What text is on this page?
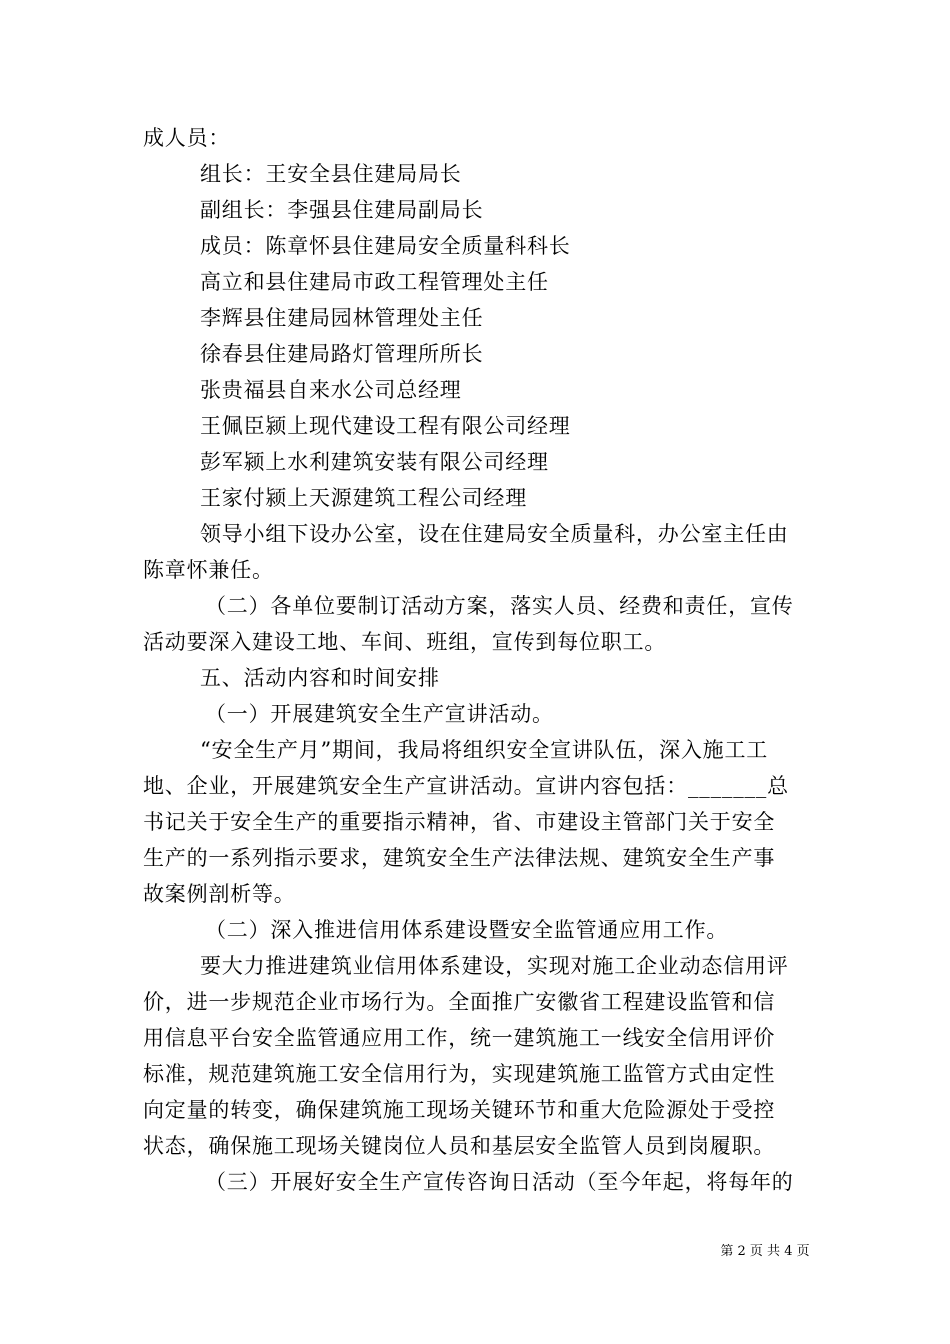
成人员：
组长：王安全县住建局局长
副组长：李强县住建局副局长
成员：陈章怀县住建局安全质量科科长
高立和县住建局市政工程管理处主任
李辉县住建局园林管理处主任
徐春县住建局路灯管理所所长
张贵福县自来水公司总经理
王佩臣颍上现代建设工程有限公司经理
彭军颍上水利建筑安装有限公司经理
王家付颍上天源建筑工程公司经理
领导小组下设办公室，设在住建局安全质量科，办公室主任由
陈章怀兼任。
（二）各单位要制订活动方案，落实人员、经费和责任，宣传
活动要深入建设工地、车间、班组，宣传到每位职工。
五、活动内容和时间安排
（一）开展建筑安全生产宣讲活动。
“安全生产月”期间，我局将组织安全宣讲队伍，深入施工工
地、企业，开展建筑安全生产宣讲活动。宣讲内容包括：_______总
书记关于安全生产的重要指示精神，省、市建设主管部门关于安全
生产的一系列指示要求，建筑安全生产法律法规、建筑安全生产事
故案例剖析等。
（二）深入推进信用体系建设暨安全监管通应用工作。
要大力推进建筑业信用体系建设，实现对施工企业动态信用评
价，进一步规范企业市场行为。全面推广安徽省工程建设监管和信
用信息平台安全监管通应用工作，统一建筑施工一线安全信用评价
标准，规范建筑施工安全信用行为，实现建筑施工监管方式由定性
向定量的转变，确保建筑施工现场关键环节和重大危险源处于受控
状态，确保施工现场关键岗位人员和基层安全监管人员到岗履职。
（三）开展好安全生产宣传咨询日活动（至今年起，将每年的
第 2 页 共 4 页
